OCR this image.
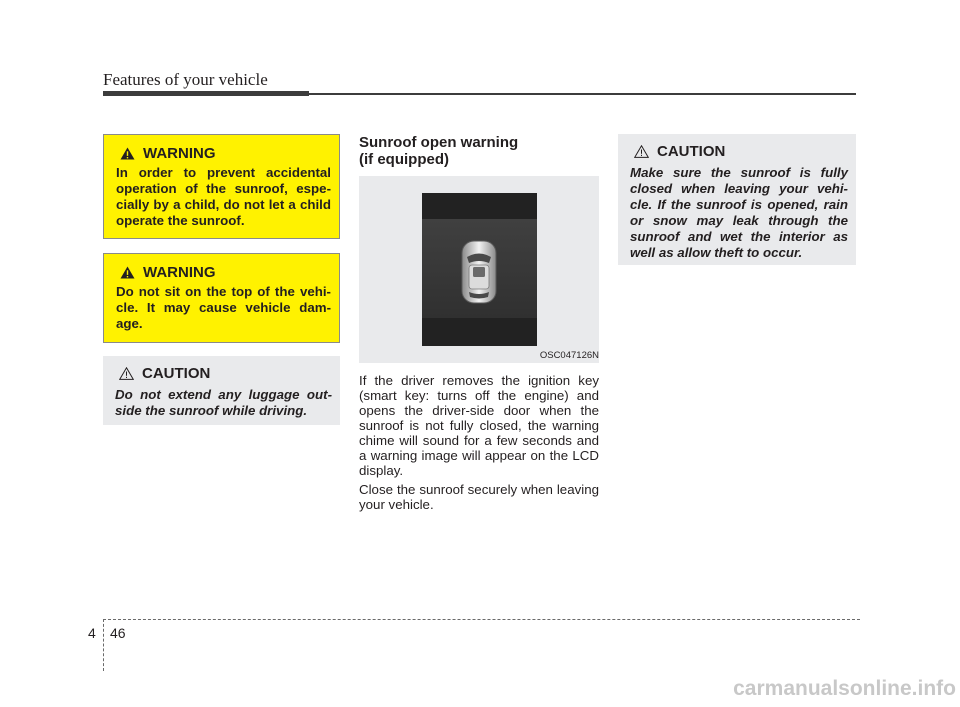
Features of your vehicle
WARNING
In order to prevent accidental operation of the sunroof, espe- cially by a child, do not let a child operate the sunroof.
WARNING
Do not sit on the top of the vehi- cle. It may cause vehicle dam- age.
CAUTION
Do not extend any luggage out- side the sunroof while driving.
Sunroof open warning
(if equipped)
OSC047126N
If the driver removes the ignition key (smart key: turns off the engine) and opens the driver-side door when the sunroof is not fully closed, the warning chime will sound for a few seconds and a warning image will appear on the LCD display.
Close the sunroof securely when leaving your vehicle.
CAUTION
Make sure the sunroof is fully closed when leaving your vehi- cle. If the sunroof is opened, rain or snow may leak through the sunroof and wet the interior as well as allow theft to occur.
4 46
carmanualsonline.info
